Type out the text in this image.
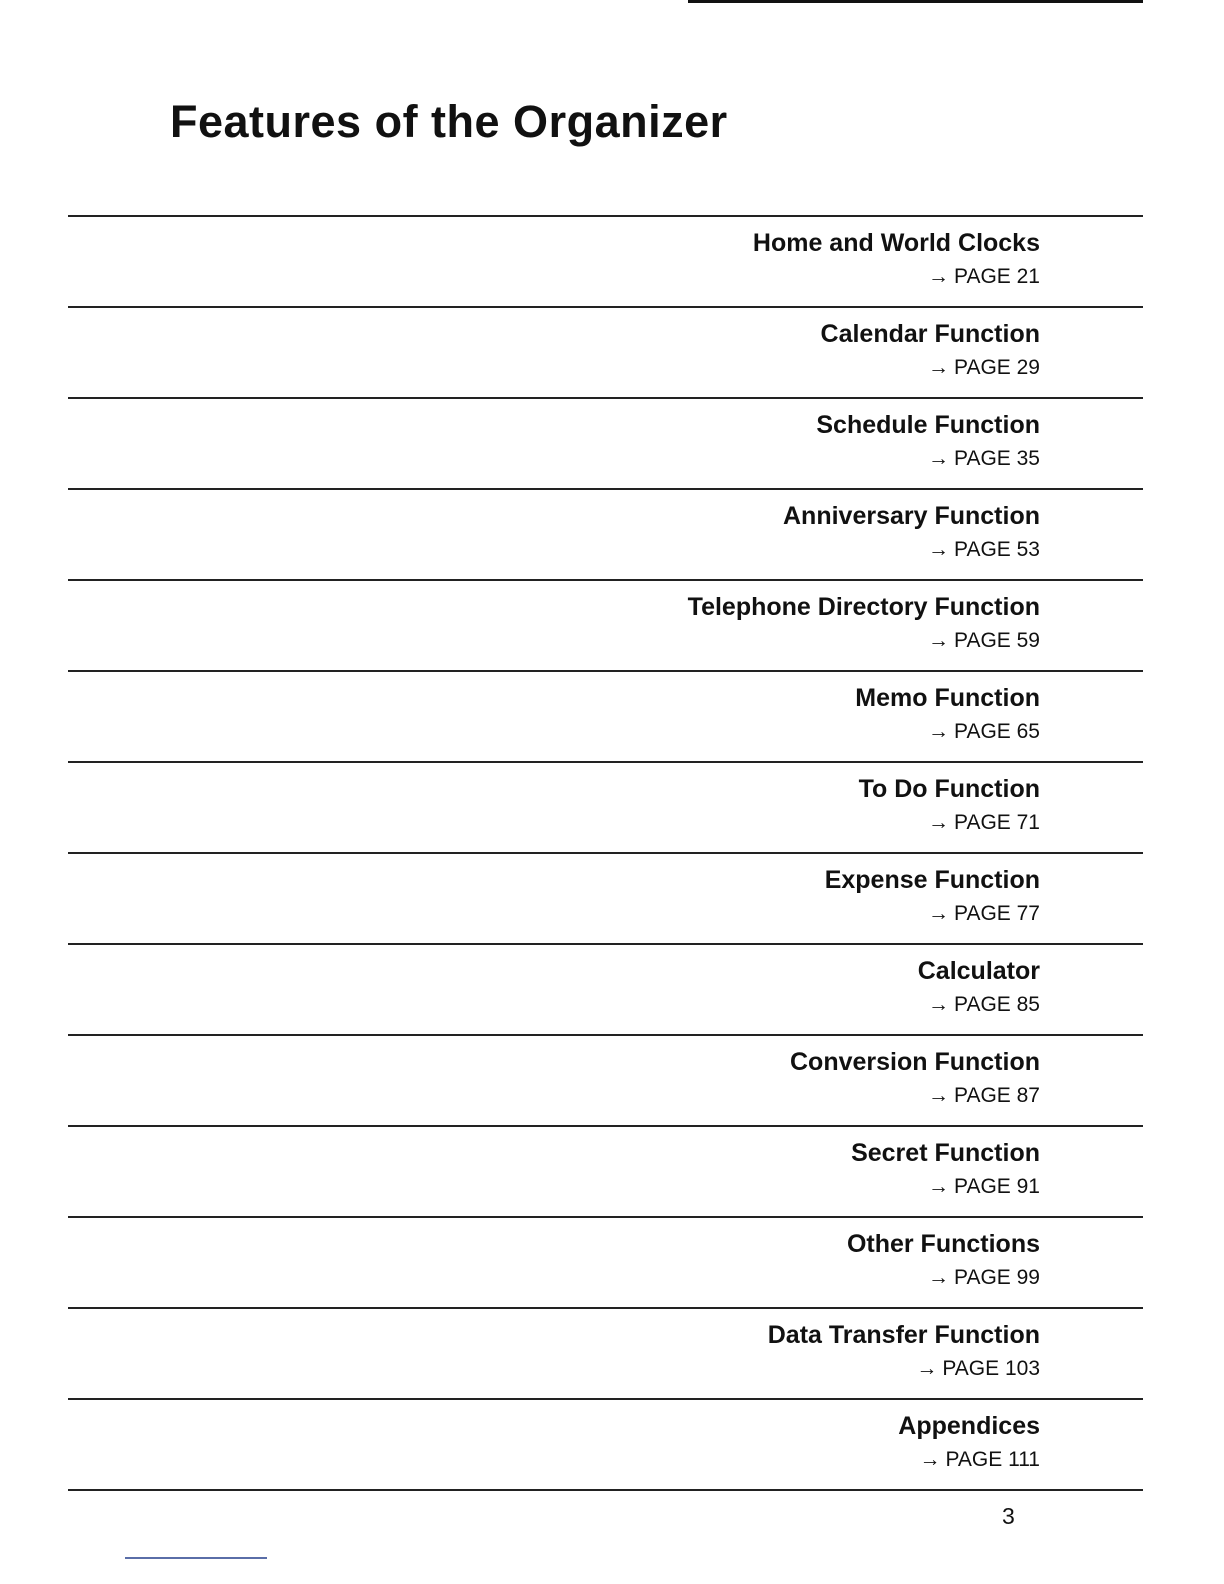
Features of the Organizer
Home and World Clocks
→ PAGE 21
Calendar Function
→ PAGE 29
Schedule Function
→ PAGE 35
Anniversary Function
→ PAGE 53
Telephone Directory Function
→ PAGE 59
Memo Function
→ PAGE 65
To Do Function
→ PAGE 71
Expense Function
→ PAGE 77
Calculator
→ PAGE 85
Conversion Function
→ PAGE 87
Secret Function
→ PAGE 91
Other Functions
→ PAGE 99
Data Transfer Function
→ PAGE 103
Appendices
→ PAGE 111
3
